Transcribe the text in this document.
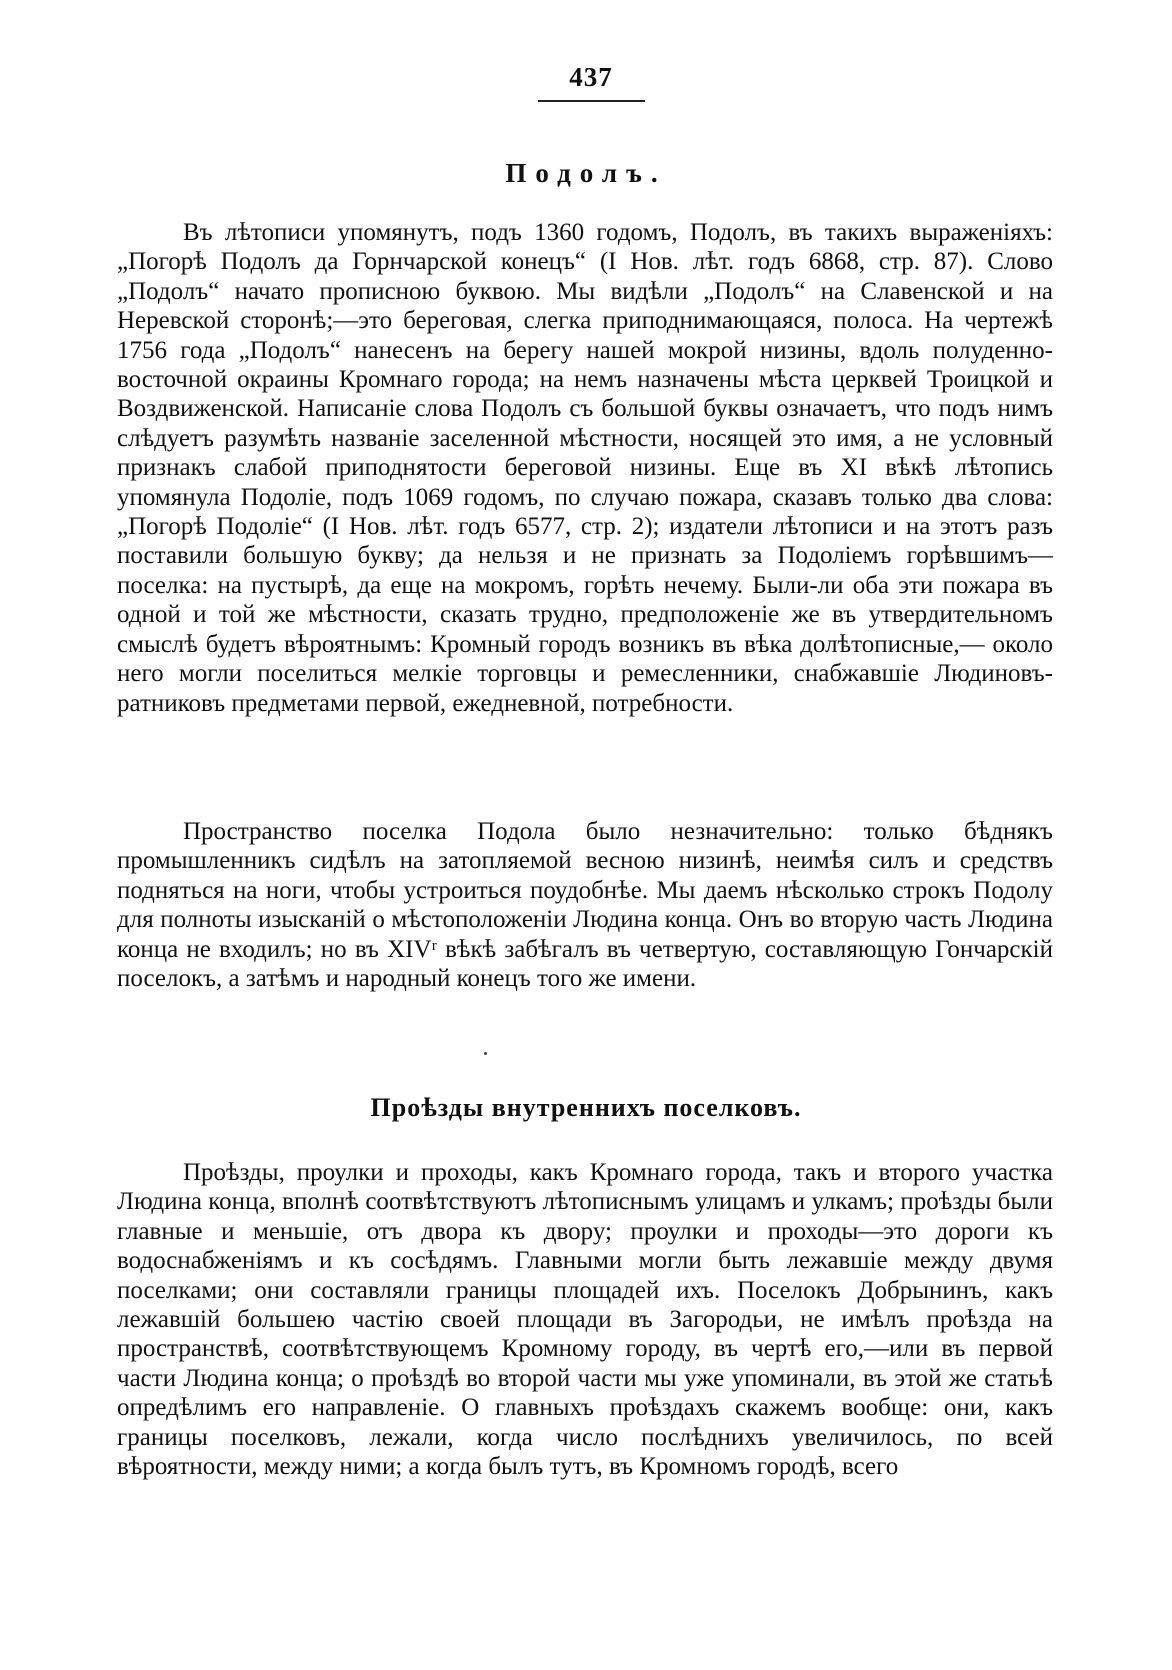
437
Подолъ.

Въ лѣтописи упомянутъ, подъ 1360 годомъ, Подолъ, въ такихъ выраженіяхъ: „Погорѣ Подолъ да Горнчарской конецъ“ (I Нов. лѣт. годъ 6868, стр. 87). Слово „Подолъ“ начато прописною буквою. Мы видѣли „Подолъ“ на Славенской и на Неревской сторонѣ;—это береговая, слегка приподнимающаяся, полоса. На чертежѣ 1756 года „Подолъ“ нанесенъ на берегу нашей мокрой низины, вдоль полуденно-восточной окраины Кромнаго города; на немъ назначены мѣста церквей Троицкой и Воздвиженской. Написаніе слова Подолъ съ большой буквы означаетъ, что подъ нимъ слѣдуетъ разумѣть названіе заселенной мѣстности, носящей это имя, а не условный признакъ слабой приподнятости береговой низины. Еще въ XI вѣкѣ лѣтопись упомянула Подоліе, подъ 1069 годомъ, по случаю пожара, сказавъ только два слова: „Погорѣ Подоліе“ (I Нов. лѣт. годъ 6577, стр. 2); издатели лѣтописи и на этотъ разъ поставили большую букву; да нельзя и не признать за Подоліемъ горѣвшимъ—поселка: на пустырѣ, да еще на мокромъ, горѣть нечему. Были-ли оба эти пожара въ одной и той же мѣстности, сказать трудно, предположеніе же въ утвердительномъ смыслѣ будетъ вѣроятнымъ: Кромный городъ возникъ въ вѣка долѣтописные,— около него могли поселиться мелкіе торговцы и ремесленники, снабжавшіе Людиновъ-ратниковъ предметами первой, ежедневной, потребности.

Пространство поселка Подола было незначительно: только бѣднякъ промышленникъ сидѣлъ на затопляемой весною низинѣ, неимѣя силъ и средствъ подняться на ноги, чтобы устроиться поудобнѣе. Мы даемъ нѣсколько строкъ Подолу для полноты изысканій о мѣстоположеніи Людина конца. Онъ во вторую часть Людина конца не входилъ; но въ XIVʳ вѣкѣ забѣгалъ въ четвертую, составляющую Гончарскій поселокъ, а затѣмъ и народный конецъ того же имени.

Проѣзды внутреннихъ поселковъ.

Проѣзды, проулки и проходы, какъ Кромнаго города, такъ и второго участка Людина конца, вполнѣ соотвѣтствуютъ лѣтописнымъ улицамъ и улкамъ; проѣзды были главные и меньшіе, отъ двора къ двору; проулки и проходы—это дороги къ водоснабженіямъ и къ сосѣдямъ. Главными могли быть лежавшіе между двумя поселками; они составляли границы площадей ихъ. Поселокъ Добрынинъ, какъ лежавшій большею частію своей площади въ Загородьи, не имѣлъ проѣзда на пространствѣ, соотвѣтствующемъ Кромному городу, въ чертѣ его,—или въ первой части Людина конца; о проѣздѣ во второй части мы уже упоминали, въ этой же статьѣ опредѣлимъ его направленіе. О главныхъ проѣздахъ скажемъ вообще: они, какъ границы поселковъ, лежали, когда число послѣднихъ увеличилось, по всей вѣроятности, между ними; а когда былъ тутъ, въ Кромномъ городѣ, всего
